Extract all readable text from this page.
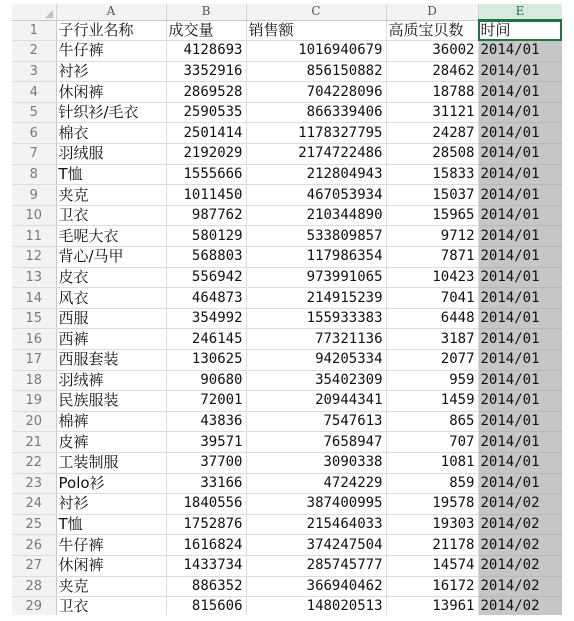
	A	B	C	D	E
1	子行业名称	成交量	销售额	高质宝贝数	时间
2	牛仔裤	4128693	1016940679	36002	2014/01
3	衬衫	3352916	856150882	28462	2014/01
4	休闲裤	2869528	704228096	18788	2014/01
5	针织衫/毛衣	2590535	866339406	31121	2014/01
6	棉衣	2501414	1178327795	24287	2014/01
7	羽绒服	2192029	2174722486	28508	2014/01
8	T恤	1555666	212804943	15833	2014/01
9	夹克	1011450	467053934	15037	2014/01
10	卫衣	987762	210344890	15965	2014/01
11	毛呢大衣	580129	533809857	9712	2014/01
12	背心/马甲	568803	117986354	7871	2014/01
13	皮衣	556942	973991065	10423	2014/01
14	风衣	464873	214915239	7041	2014/01
15	西服	354992	155933383	6448	2014/01
16	西裤	246145	77321136	3187	2014/01
17	西服套装	130625	94205334	2077	2014/01
18	羽绒裤	90680	35402309	959	2014/01
19	民族服装	72001	20944341	1459	2014/01
20	棉裤	43836	7547613	865	2014/01
21	皮裤	39571	7658947	707	2014/01
22	工装制服	37700	3090338	1081	2014/01
23	Polo衫	33166	4724229	859	2014/01
24	衬衫	1840556	387400995	19578	2014/02
25	T恤	1752876	215464033	19303	2014/02
26	牛仔裤	1616824	374247504	21178	2014/02
27	休闲裤	1433734	285745777	14574	2014/02
28	夹克	886352	366940462	16172	2014/02
29	卫衣	815606	148020513	13961	2014/02
